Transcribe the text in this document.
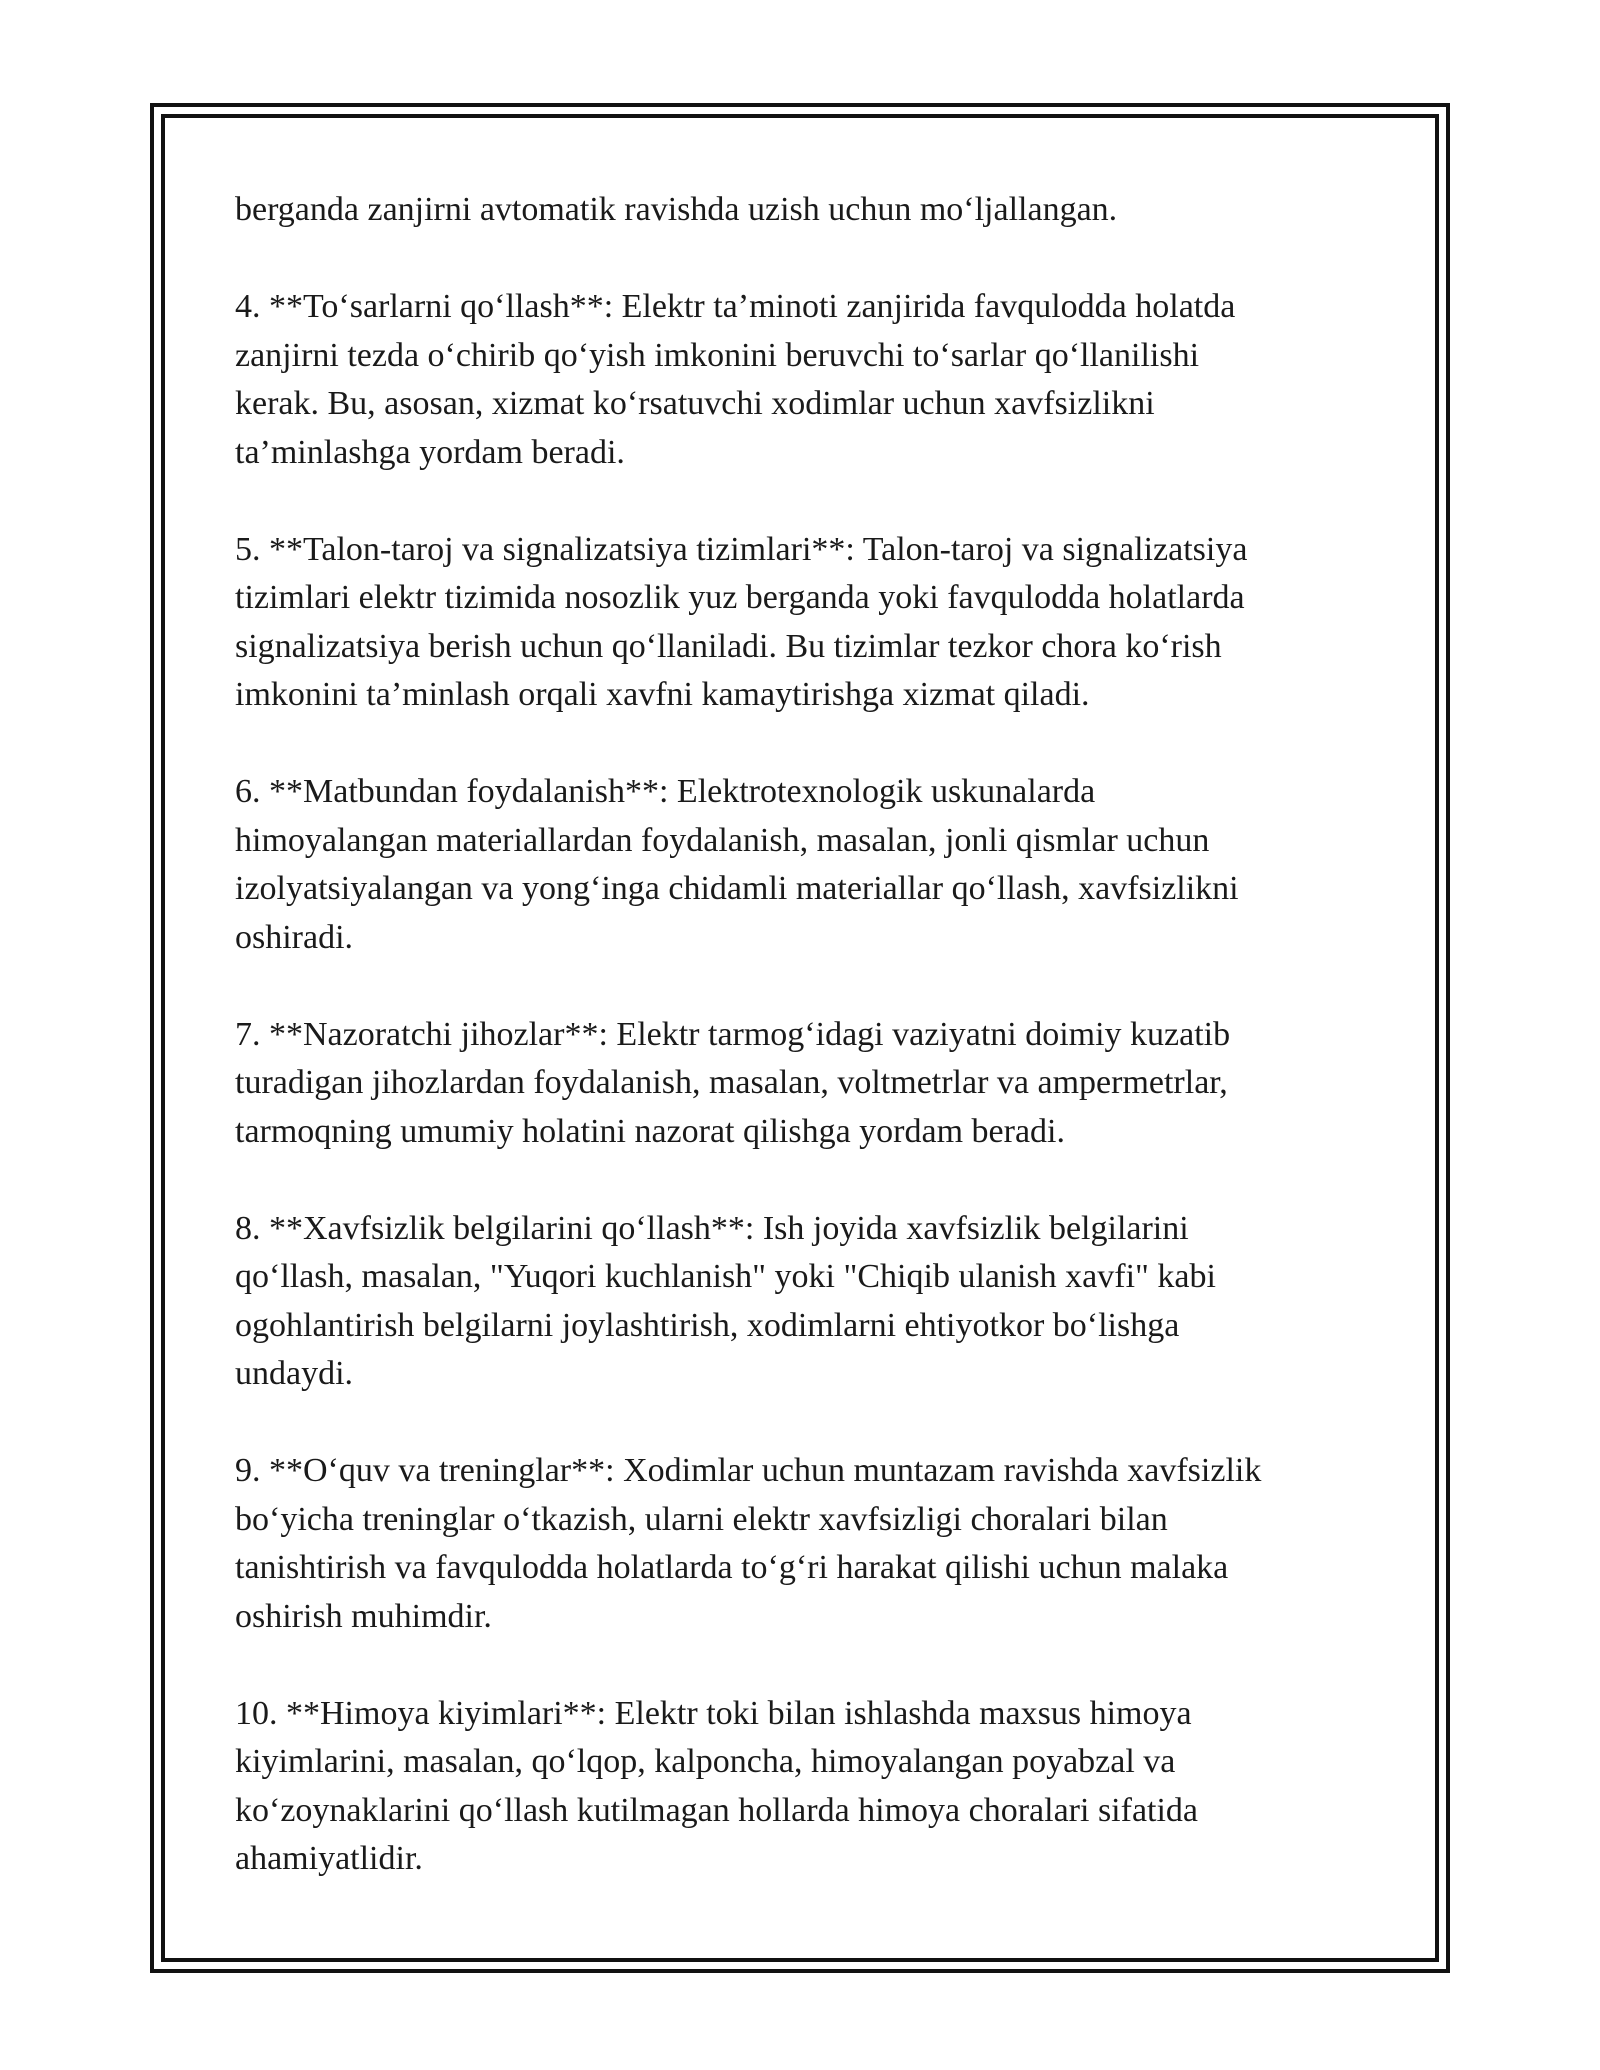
berganda zanjirni avtomatik ravishda uzish uchun mo‘ljallangan.

4. **To‘sarlarni qo‘llash**: Elektr ta’minoti zanjirida favqulodda holatda
zanjirni tezda o‘chirib qo‘yish imkonini beruvchi to‘sarlar qo‘llanilishi
kerak. Bu, asosan, xizmat ko‘rsatuvchi xodimlar uchun xavfsizlikni
ta’minlashga yordam beradi.

5. **Talon-taroj va signalizatsiya tizimlari**: Talon-taroj va signalizatsiya
tizimlari elektr tizimida nosozlik yuz berganda yoki favqulodda holatlarda
signalizatsiya berish uchun qo‘llaniladi. Bu tizimlar tezkor chora ko‘rish
imkonini ta’minlash orqali xavfni kamaytirishga xizmat qiladi.

6. **Matbundan foydalanish**: Elektrotexnologik uskunalarda
himoyalangan materiallardan foydalanish, masalan, jonli qismlar uchun
izolyatsiyalangan va yong‘inga chidamli materiallar qo‘llash, xavfsizlikni
oshiradi.

7. **Nazoratchi jihozlar**: Elektr tarmog‘idagi vaziyatni doimiy kuzatib
turadigan jihozlardan foydalanish, masalan, voltmetrlar va ampermetrlar,
tarmoqning umumiy holatini nazorat qilishga yordam beradi.

8. **Xavfsizlik belgilarini qo‘llash**: Ish joyida xavfsizlik belgilarini
qo‘llash, masalan, "Yuqori kuchlanish" yoki "Chiqib ulanish xavfi" kabi
ogohlantirish belgilarni joylashtirish, xodimlarni ehtiyotkor bo‘lishga
undaydi.

9. **O‘quv va treninglar**: Xodimlar uchun muntazam ravishda xavfsizlik
bo‘yicha treninglar o‘tkazish, ularni elektr xavfsizligi choralari bilan
tanishtirish va favqulodda holatlarda to‘g‘ri harakat qilishi uchun malaka
oshirish muhimdir.

10. **Himoya kiyimlari**: Elektr toki bilan ishlashda maxsus himoya
kiyimlarini, masalan, qo‘lqop, kalponcha, himoyalangan poyabzal va
ko‘zoynaklarini qo‘llash kutilmagan hollarda himoya choralari sifatida
ahamiyatlidir.
